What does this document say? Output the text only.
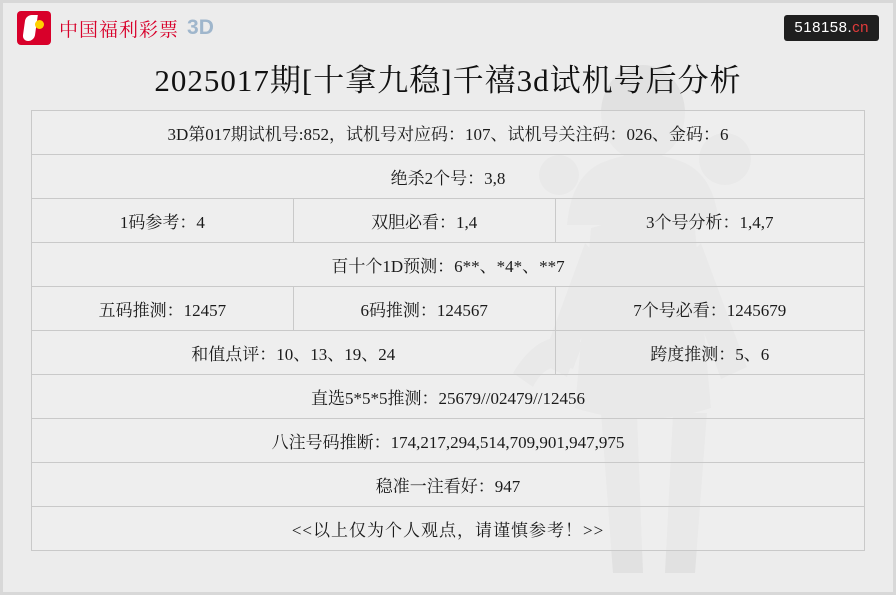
中国福利彩票 3D	518158.cn
2025017期[十拿九稳]千禧3d试机号后分析
3D第017期试机号:852，试机号对应码：107、试机号关注码：026、金码：6		
绝杀2个号：3,8		
1码参考：4	双胆必看：1,4	3个号分析：1,4,7
百十个1D预测：6**、*4*、**7		
五码推测：12457	6码推测：124567	7个号必看：1245679
和值点评：10、13、19、24		跨度推测：5、6
直选5*5*5推测：25679//02479//12456		
八注号码推断：174,217,294,514,709,901,947,975		
稳准一注看好：947		
<<以上仅为个人观点，请谨慎参考！>>		
